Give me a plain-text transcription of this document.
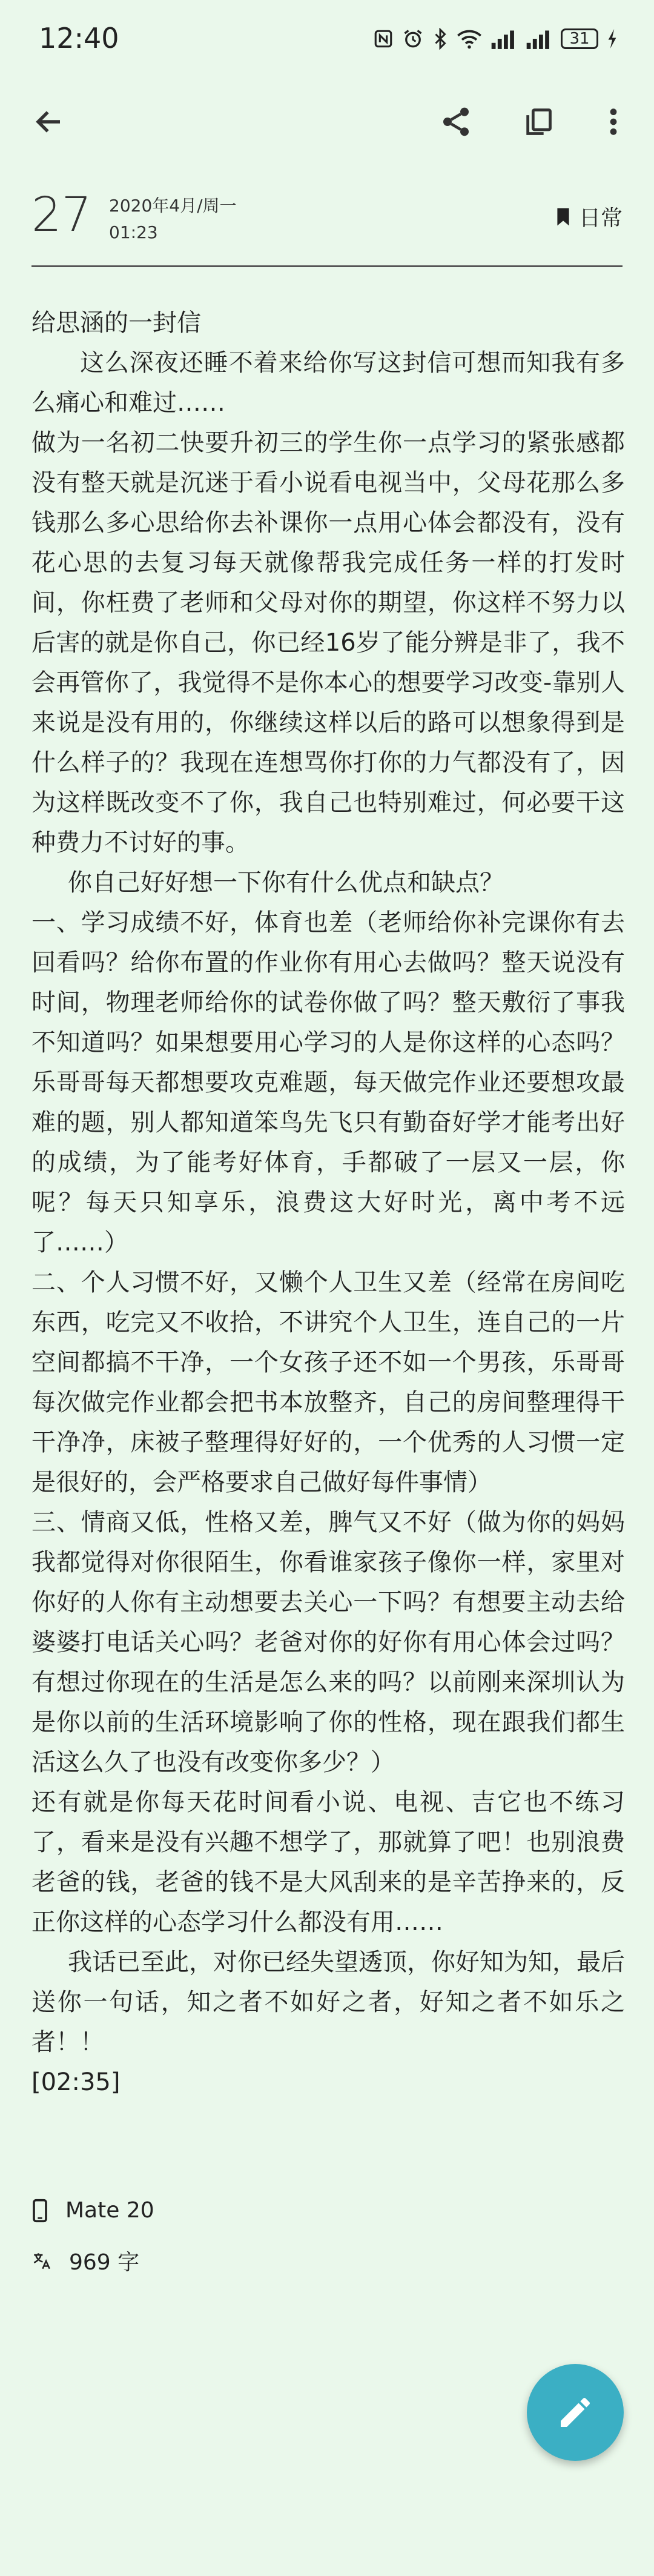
12:40	31
27 2020年4月/周一
01:23
日常

给思涵的一封信

这么深夜还睡不着来给你写这封信可想而知我有多么痛心和难过……

做为一名初二快要升初三的学生你一点学习的紧张感都没有整天就是沉迷于看小说看电视当中，父母花那么多钱那么多心思给你去补课你一点用心体会都没有，没有花心思的去复习每天就像帮我完成任务一样的打发时间，你枉费了老师和父母对你的期望，你这样不努力以后害的就是你自己，你已经16岁了能分辨是非了，我不会再管你了，我觉得不是你本心的想要学习改变-靠别人来说是没有用的，你继续这样以后的路可以想象得到是什么样子的？我现在连想骂你打你的力气都没有了，因为这样既改变不了你，我自己也特别难过，何必要干这种费力不讨好的事。

你自己好好想一下你有什么优点和缺点？

一、学习成绩不好，体育也差（老师给你补完课你有去回看吗？给你布置的作业你有用心去做吗？整天说没有时间，物理老师给你的试卷你做了吗？整天敷衍了事我不知道吗？如果想要用心学习的人是你这样的心态吗？乐哥哥每天都想要攻克难题，每天做完作业还要想攻最难的题，别人都知道笨鸟先飞只有勤奋好学才能考出好的成绩，为了能考好体育，手都破了一层又一层，你呢？每天只知享乐，浪费这大好时光，离中考不远了……）

二、个人习惯不好，又懒个人卫生又差（经常在房间吃东西，吃完又不收拾，不讲究个人卫生，连自己的一片空间都搞不干净，一个女孩子还不如一个男孩，乐哥哥每次做完作业都会把书本放整齐，自己的房间整理得干干净净，床被子整理得好好的，一个优秀的人习惯一定是很好的，会严格要求自己做好每件事情）

三、情商又低，性格又差，脾气又不好（做为你的妈妈我都觉得对你很陌生，你看谁家孩子像你一样，家里对你好的人你有主动想要去关心一下吗？有想要主动去给婆婆打电话关心吗？老爸对你的好你有用心体会过吗？有想过你现在的生活是怎么来的吗？以前刚来深圳认为是你以前的生活环境影响了你的性格，现在跟我们都生活这么久了也没有改变你多少？）

还有就是你每天花时间看小说、电视、吉它也不练习了，看来是没有兴趣不想学了，那就算了吧！也别浪费老爸的钱，老爸的钱不是大风刮来的是辛苦挣来的，反正你这样的心态学习什么都没有用……

我话已至此，对你已经失望透顶，你好知为知，最后送你一句话，知之者不如好之者，好知之者不如乐之者！！

[02:35]

Mate 20
969 字
